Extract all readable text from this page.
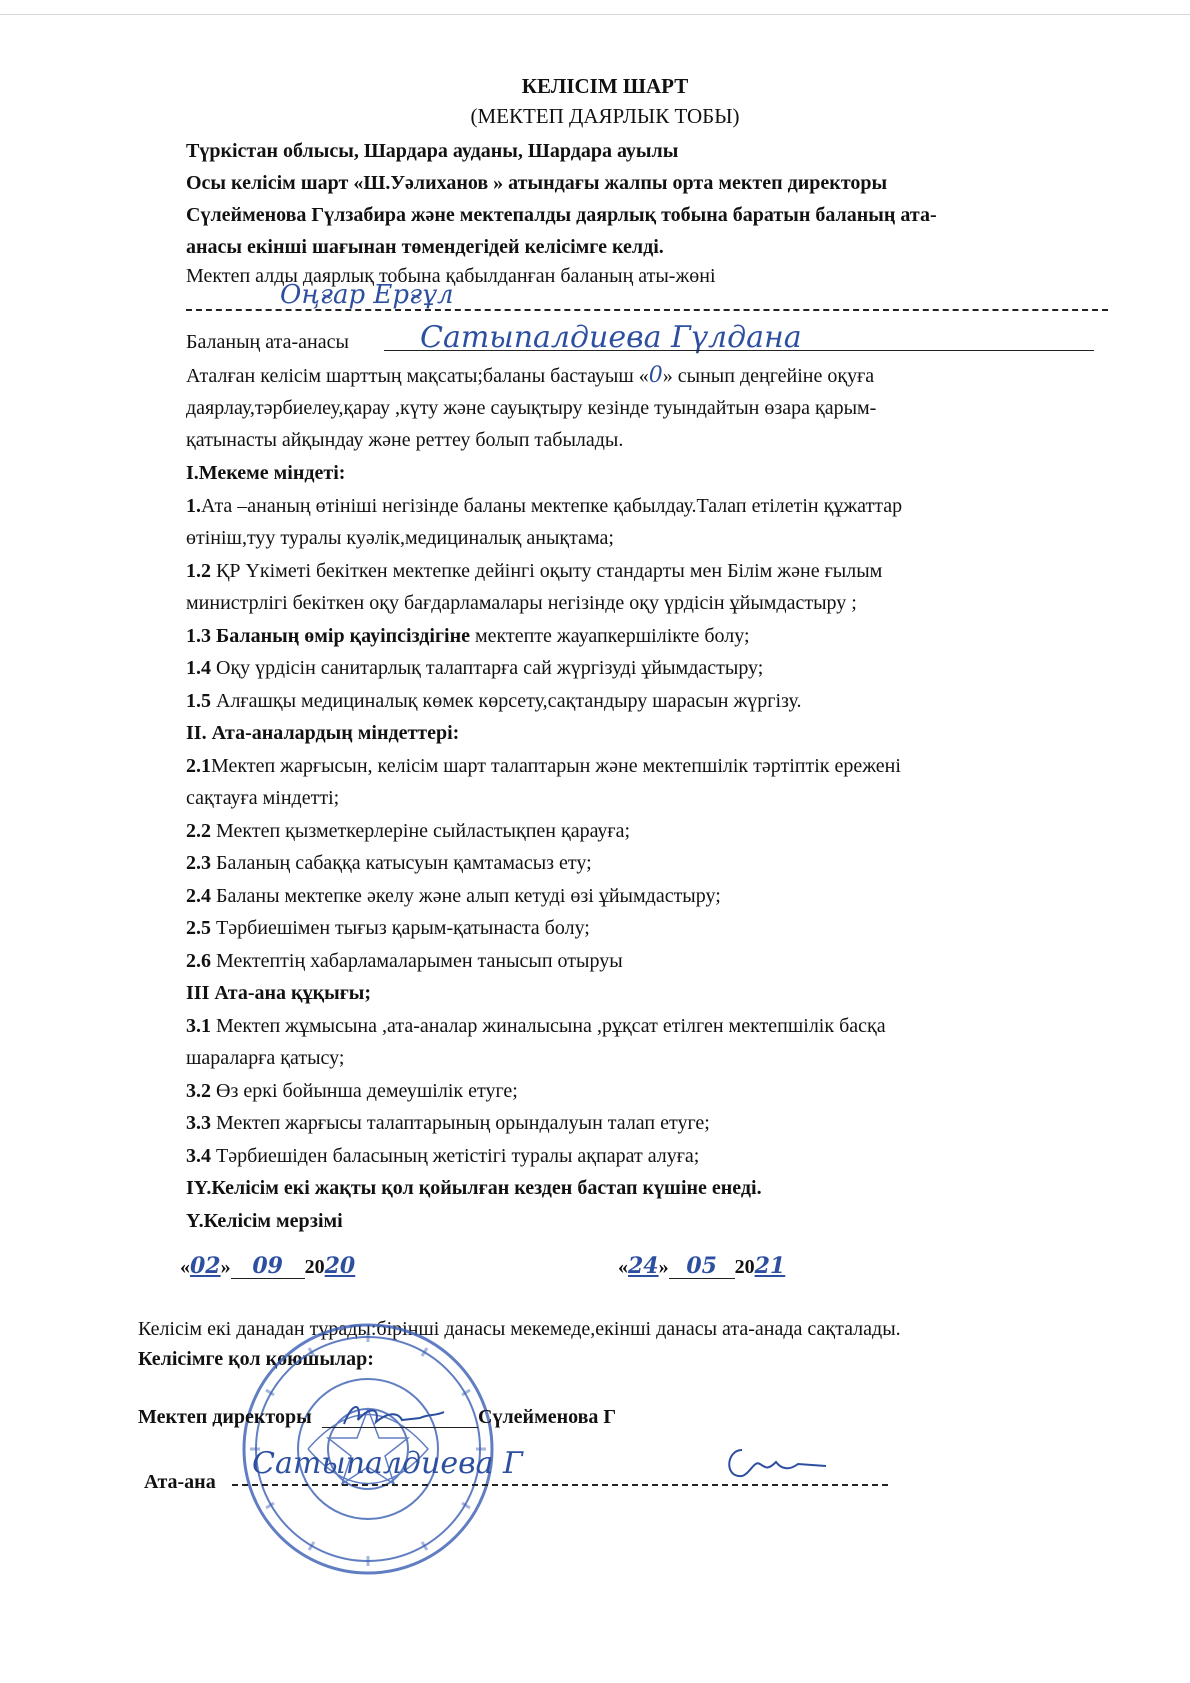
КЕЛІСІМ ШАРТ
(МЕКТЕП ДАЯРЛЫК ТОБЫ)
Түркістан облысы, Шардара ауданы, Шардара ауылы
Осы келісім шарт «Ш.Уәлиханов » атындағы жалпы орта мектеп директоры
Сүлейменова Гүлзабира және мектепалды даярлық тобына баратын баланың ата-
анасы екінші шағынан төмендегідей келісімге келді.
Мектеп алды даярлық тобына қабылданған баланың аты-жөні
Оңғар Ерғұл
Баланың ата-анасы Сатыпалдиева Гүлдана
Аталған келісім шарттың мақсаты;баланы бастауыш «0» сынып деңгейіне оқуға
даярлау,тәрбиелеу,қарау ,күту және сауықтыру кезінде туындайтын өзара қарым-
қатынасты айқындау және реттеу болып табылады.
I.Мекеме міндеті:
1.Ата –ананың өтініші негізінде баланы мектепке қабылдау.Талап етілетін құжаттар
өтініш,туу туралы куәлік,медициналық анықтама;
1.2 ҚР Үкіметі бекіткен мектепке дейінгі оқыту стандарты мен Білім және ғылым
министрлігі бекіткен оқу бағдарламалары негізінде оқу үрдісін ұйымдастыру ;
1.3 Баланың өмір қауіпсіздігіне мектепте жауапкершілікте болу;
1.4 Оқу үрдісін санитарлық талаптарға сай жүргізуді ұйымдастыру;
1.5 Алғашқы медициналық көмек көрсету,сақтандыру шарасын жүргізу.
II. Ата-аналардың міндеттері:
2.1Мектеп жарғысын, келісім шарт талаптарын және мектепшілік тәртіптік ережені
сақтауға міндетті;
2.2 Мектеп қызметкерлеріне сыйластықпен қарауға;
2.3 Баланың сабаққа катысуын қамтамасыз ету;
2.4 Баланы мектепке әкелу және алып кетуді өзі ұйымдастыру;
2.5 Тәрбиешімен тығыз қарым-қатынаста болу;
2.6 Мектептің хабарламаларымен танысып отыруы
III Ата-ана құқығы;
3.1 Мектеп жұмысына ,ата-аналар жиналысына ,рұқсат етілген мектепшілік басқа
шараларға қатысу;
3.2 Өз еркі бойынша демеушілік етуге;
3.3 Мектеп жарғысы талаптарының орындалуын талап етуге;
3.4 Тәрбиешіден баласының жетістігі туралы ақпарат алуға;
IY.Келісім екі жақты қол қойылған кезден бастап күшіне енеді.
Y.Келісім мерзімі
«02» 09 2020	«24» 05 2021
Келісім екі данадан тұрады:бірінші данасы мекемеде,екінші данасы ата-анада сақталады.
Келісімге қол қоюшылар:
Мектеп директоры	Сүлейменова Г
Ата-ана
Сатыпалдиева Г
